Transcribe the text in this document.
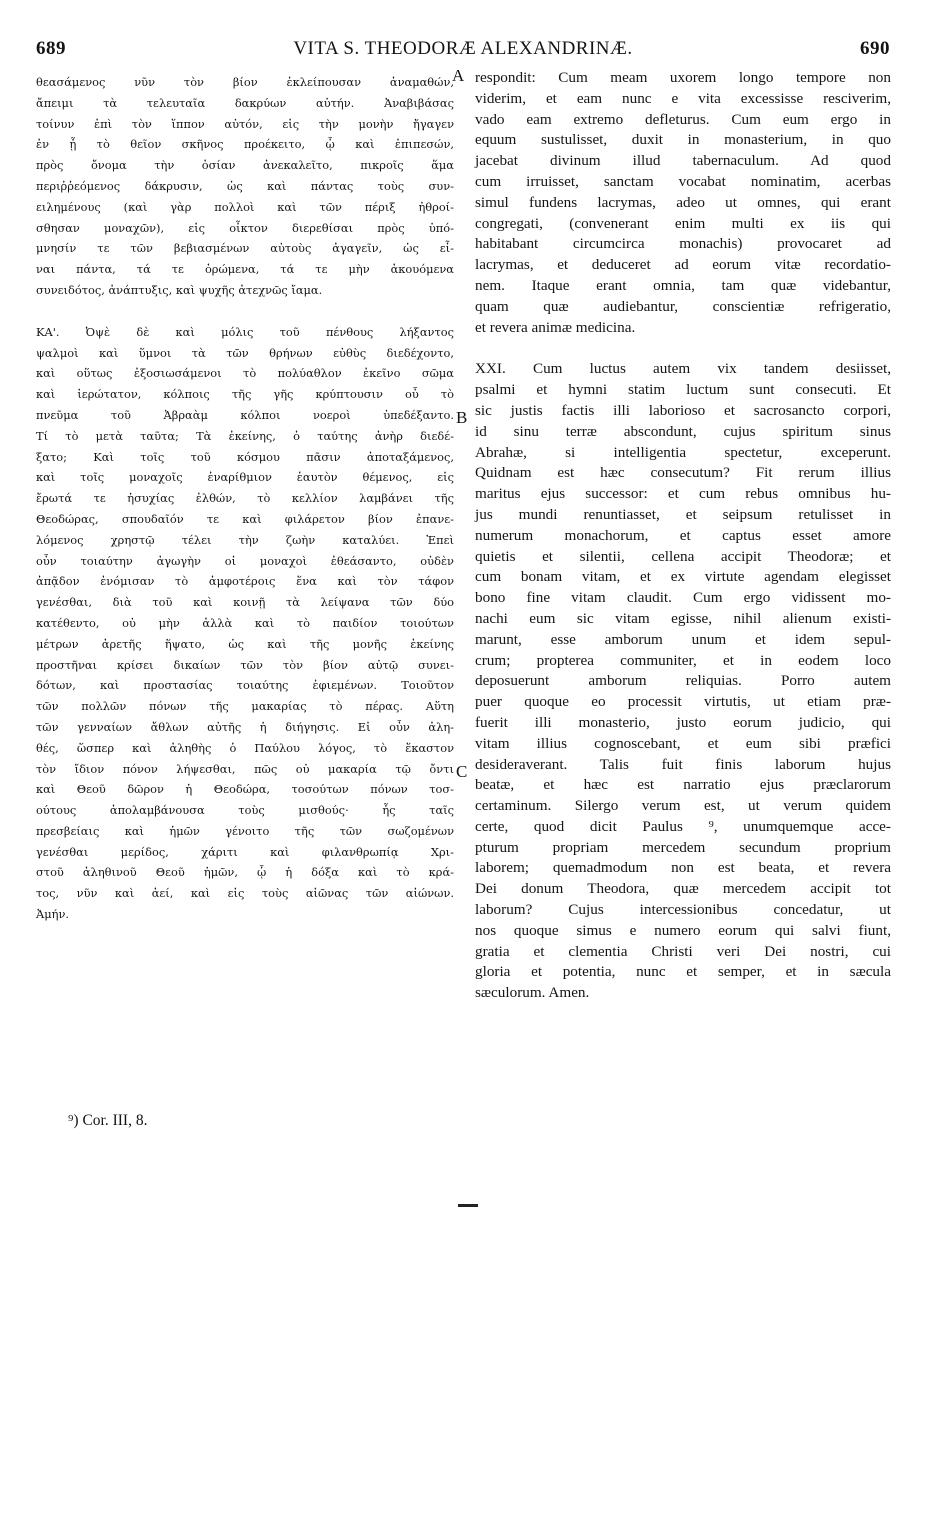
689	VITA S. THEODORÆ ALEXANDRINÆ.	690
θεασάμενος νῦν τὸν βίον ἐκλείπουσαν ἀναμαθών,
ἄπειμι τὰ τελευταῖα δακρύων αὐτήν. Ἀναβιβάσας
τοίνυν ἐπὶ τὸν ἵππον αὐτόν, εἰς τὴν μονὴν ἤγαγεν
ἐν ᾗ τὸ θεῖον σκῆνος προέκειτο, ᾧ καὶ ἐπιπεσών,
πρὸς ὄνομα τὴν ὁσίαν ἀνεκαλεῖτο, πικροῖς ἅμα
περιῤῥεόμενος δάκρυσιν, ὡς καὶ πάντας τοὺς συν-
ειλημένους (καὶ γὰρ πολλοὶ καὶ τῶν πέριξ ἠθροί-
σθησαν μοναχῶν), εἰς οἶκτον διερεθίσαι πρὸς ὑπό-
μνησίν τε τῶν βεβιασμένων αὐτοὺς ἀγαγεῖν, ὡς εἶ-
ναι πάντα, τά τε ὁρώμενα, τά τε μὴν ἀκουόμενα
συνειδότος, ἀνάπτυξις, καὶ ψυχῆς ἀτεχνῶς ἴαμα.
ΚΑ'. Ὀψὲ δὲ καὶ μόλις τοῦ πένθους λήξαντος
ψαλμοὶ καὶ ὕμνοι τὰ τῶν θρήνων εὐθὺς διεδέχοντο,
καὶ οὕτως ἐξοσιωσάμενοι τὸ πολύαθλον ἐκεῖνο σῶμα
καὶ ἱερώτατον, κόλποις τῆς γῆς κρύπτουσιν οὗ τὸ
πνεῦμα τοῦ Ἀβραὰμ κόλποι νοεροὶ ὑπεδέξαντο.
Τί τὸ μετὰ ταῦτα; Τὰ ἐκείνης, ὁ ταύτης ἀνὴρ διεδέ-
ξατο; Καὶ τοῖς τοῦ κόσμου πᾶσιν ἀποταξάμενος,
καὶ τοῖς μοναχοῖς ἐναρίθμιον ἑαυτὸν θέμενος, εἰς
ἔρωτά τε ἡσυχίας ἐλθών, τὸ κελλίον λαμβάνει τῆς
Θεοδώρας, σπουδαῖόν τε καὶ φιλάρετον βίον ἐπανε-
λόμενος χρηστῷ τέλει τὴν ζωὴν καταλύει. Ἐπεὶ
οὖν τοιαύτην ἀγωγὴν οἱ μοναχοὶ ἐθεάσαντο, οὐδὲν
ἀπᾷδον ἐνόμισαν τὸ ἀμφοτέροις ἕνα καὶ τὸν τάφον
γενέσθαι, διὰ τοῦ καὶ κοινῇ τὰ λείψανα τῶν δύο
κατέθεντο, οὐ μὴν ἀλλὰ καὶ τὸ παιδίον τοιούτων
μέτρων ἀρετῆς ἥψατο, ὡς καὶ τῆς μονῆς ἐκείνης
προστῆναι κρίσει δικαίων τῶν τὸν βίον αὐτῷ συνει-
δότων, καὶ προστασίας τοιαύτης ἐφιεμένων. Τοιοῦτον
τῶν πολλῶν πόνων τῆς μακαρίας τὸ πέρας. Αὕτη
τῶν γενναίων ἄθλων αὐτῆς ἡ διήγησις. Εἰ οὖν ἀλη-
θές, ὥσπερ καὶ ἀληθὴς ὁ Παύλου λόγος, τὸ ἕκαστον
τὸν ἴδιον πόνον λήψεσθαι, πῶς οὐ μακαρία τῷ ὄντι
καὶ Θεοῦ δῶρον ἡ Θεοδώρα, τοσούτων πόνων τοσ-
ούτους ἀπολαμβάνουσα τοὺς μισθούς· ἧς ταῖς
πρεσβείαις καὶ ἡμῶν γένοιτο τῆς τῶν σωζομένων
γενέσθαι μερίδος, χάριτι καὶ φιλανθρωπίᾳ Χρι-
στοῦ ἀληθινοῦ Θεοῦ ἡμῶν, ᾧ ἡ δόξα καὶ τὸ κρά-
τος, νῦν καὶ ἀεί, καὶ εἰς τοὺς αἰῶνας τῶν αἰώνων.
Ἀμήν.
respondit: Cum meam uxorem longo tempore non
viderim, et eam nunc e vita excessisse resciverim,
vado eam extremo defleturus. Cum eum ergo in
equum sustulisset, duxit in monasterium, in quo
jacebat divinum illud tabernaculum. Ad quod
cum irruisset, sanctam vocabat nominatim, acerbas
simul fundens lacrymas, adeo ut omnes, qui erant
congregati, (convenerant enim multi ex iis qui
habitabant circumcirca monachis) provocaret ad
lacrymas, et deduceret ad eorum vitæ recordatio-
nem. Itaque erant omnia, tam quæ videbantur,
quam quæ audiebantur, conscientiæ refrigeratio,
et revera animæ medicina.
XXI. Cum luctus autem vix tandem desiisset,
psalmi et hymni statim luctum sunt consecuti. Et
sic justis factis illi laborioso et sacrosancto corpori,
id sinu terræ abscondunt, cujus spiritum sinus
Abrahæ, si intelligentia spectetur, exceperunt.
Quidnam est hæc consecutum? Fit rerum illius
maritus ejus successor: et cum rebus omnibus hu-
jus mundi renuntiasset, et seipsum retulisset in
numerum monachorum, et captus esset amore
quietis et silentii, cellena accipit Theodoræ; et
cum bonam vitam, et ex virtute agendam elegisset
bono fine vitam claudit. Cum ergo vidissent mo-
nachi eum sic vitam egisse, nihil alienum existi-
marunt, esse amborum unum et idem sepul-
crum; propterea communiter, et in eodem loco
deposuerunt amborum reliquias. Porro autem
puer quoque eo processit virtutis, ut etiam præ-
fuerit illi monasterio, justo eorum judicio, qui
vitam illius cognoscebant, et eum sibi præfici
desideraverant. Talis fuit finis laborum hujus
beatæ, et hæc est narratio ejus præclarorum
certaminum. Silergo verum est, ut verum quidem
certe, quod dicit Paulus ⁹, unumquemque acce-
pturum propriam mercedem secundum proprium
laborem; quemadmodum non est beata, et revera
Dei donum Theodora, quæ mercedem accipit tot
laborum? Cujus intercessionibus concedatur, ut
nos quoque simus e numero eorum qui salvi fiunt,
gratia et clementia Christi veri Dei nostri, cui
gloria et potentia, nunc et semper, et in sæcula
sæculorum. Amen.
A
B
C
⁹) Cor. III, 8.
